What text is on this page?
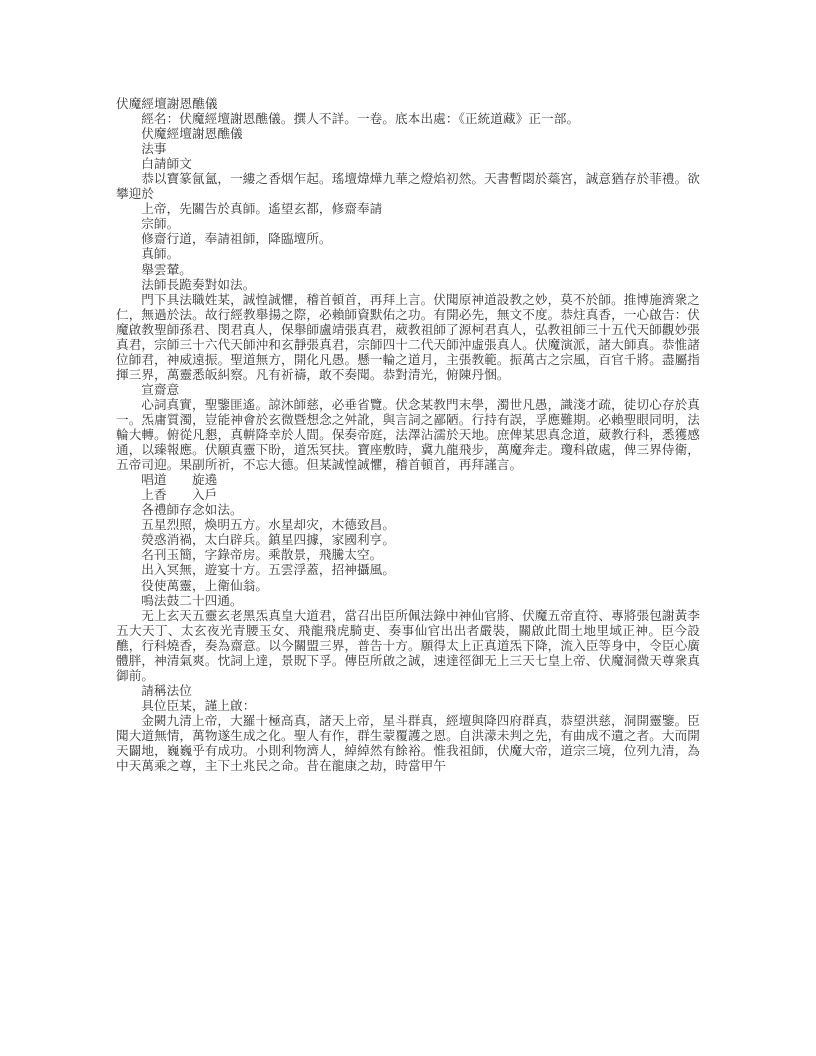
伏魔經壇謝恩醮儀

經名：伏魔經壇謝恩醮儀。撰人不詳。一卷。底本出處：《正統道藏》正一部。

伏魔經壇謝恩醮儀

法事

白請師文

恭以寶篆氤氳，一縷之香烟乍起。瑤壇煒燁九華之燈焰初然。天書暫閟於蘂宮，誠意猶存於菲禮。欲攀迎於

上帝，先關告於真師。遙望玄都，修齋奉請

宗師。

修齋行道，奉請祖師，降臨壇所。

真師。

舉雲輦。

法師長跪奏對如法。

門下具法職姓某，誠惶誠懼，稽首頓首，再拜上言。伏聞原神道設教之妙，莫不於師。推博施濟衆之仁，無過於法。故行經教舉揚之際，必賴師資默佑之功。有開必先，無文不度。恭炷真香，一心啟告：伏魔啟教聖師孫君、閔君真人，保舉師盧靖張真君，葳教祖師了源柯君真人，弘教祖師三十五代天師觀妙張真君，宗師三十六代天師沖和玄靜張真君，宗師四十二代天師沖虛張真人。伏魔演派，諸大師真。恭惟諸位師君，神威遠振。聖道無方，開化凡愚。懸一輪之道月，主張教範。振萬古之宗風，百官千將。盡屬指揮三界，萬靈悉皈糾察。凡有祈禱，敢不奏聞。恭對清光，俯陳丹悃。

宣齋意

心詞真實，聖鑒匪遙。諒沐師慈，必垂省覽。伏念某教門末學，濁世凡愚，識淺才疏，徒切心存於真一。炁庸質濁，豈能神會於玄微暨想念之舛訛，與言詞之鄙陋。行持有誤，孚應難期。必賴聖眼同明，法輪大轉。俯從凡懇，真輧降幸於人間。保奏帝庭，法澤沾濡於天地。庶俾某思真念道，葳教行科，悉獲感通，以臻報應。伏願真靈下盼，道炁冥扶。寶座敷時，冀九龍飛步，萬魔奔走。瓊科啟處，俾三界侍衛，五帝司迎。果副所祈，不忘大德。但某誠惶誠懼，稽首頓首，再拜謹言。

唱道　　旋遶

上香　　入戶

各禮師存念如法。

五星烈照，煥明五方。水星却灾，木德致昌。

熒惑消禍，太白辟兵。鎮星四據，家國利亨。

名刊玉簡，字錄帝房。乘散景，飛騰太空。

出入冥無，遊宴十方。五雲浮蓋，招神攝風。

役使萬靈，上衛仙翁。

鳴法鼓二十四通。

无上玄天五靈玄老黑炁真皇大道君，當召出臣所佩法錄中神仙官將、伏魔五帝直符、專將張包謝黃李五大天丁、太玄夜光青腰玉女、飛龍飛虎騎吏、奏事仙官出出者嚴裝，關啟此間土地里域正神。臣今設醮，行科燒香，奏為齋意。以今關盟三界，普告十方。願得太上正真道炁下降，流入臣等身中，令臣心廣體胖，神清氣爽。忱詞上達，景貺下孚。傳臣所啟之誠，速達徑御无上三天七皇上帝、伏魔洞微天尊衆真御前。

請稱法位

具位臣某，謹上啟：

金闕九清上帝，大羅十極高真，諸天上帝，星斗群真，經壇與降四府群真，恭望洪慈，洞開靈鑒。臣聞大道無情，萬物遂生成之化。聖人有作，群生蒙覆護之恩。自洪濛未判之先，有曲成不遺之者。大而開天闢地，巍巍乎有成功。小則利物濟人，綽綽然有餘裕。惟我祖師，伏魔大帝，道宗三境，位列九清，為中天萬乘之尊，主下土兆民之命。昔在龍康之劫，時當甲午
